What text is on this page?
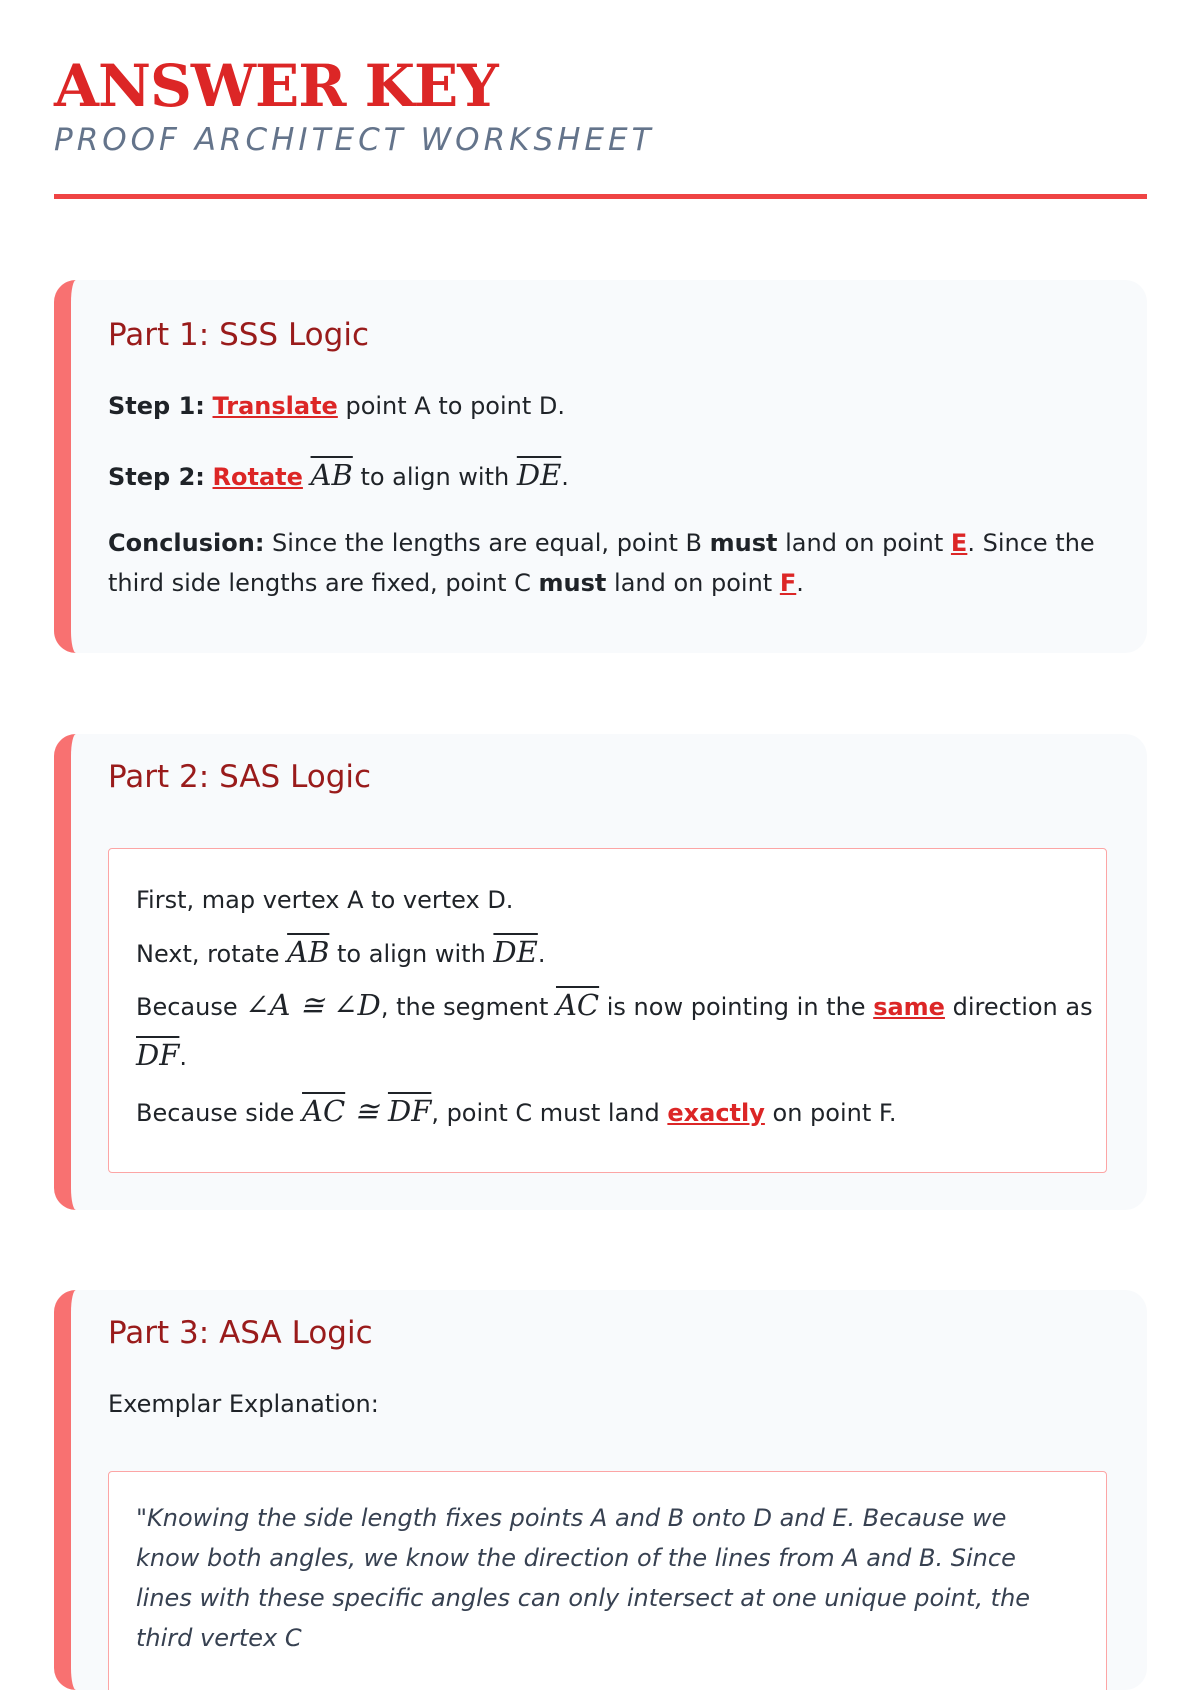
ANSWER KEY
PROOF ARCHITECT WORKSHEET
Part 1: SSS Logic
Step 1: Translate point A to point D.
Step 2: Rotate $\overline{AB}$ to align with $\overline{DE}$.
Conclusion: Since the lengths are equal, point B must land on point E. Since the third side lengths are fixed, point C must land on point F.
Part 2: SAS Logic
First, map vertex A to vertex D.
Next, rotate $\overline{AB}$ to align with $\overline{DE}$.
Because ∠A ≅ ∠D, the segment $\overline{AC}$ is now pointing in the same direction as
$\overline{DF}$.
Because side $\overline{AC}$ ≅ $\overline{DF}$, point C must land exactly on point F.
Part 3: ASA Logic
Exemplar Explanation:
"Knowing the side length fixes points A and B onto D and E. Because we know both angles, we know the direction of the lines from A and B. Since lines with these specific angles can only intersect at one unique point, the third vertex C
